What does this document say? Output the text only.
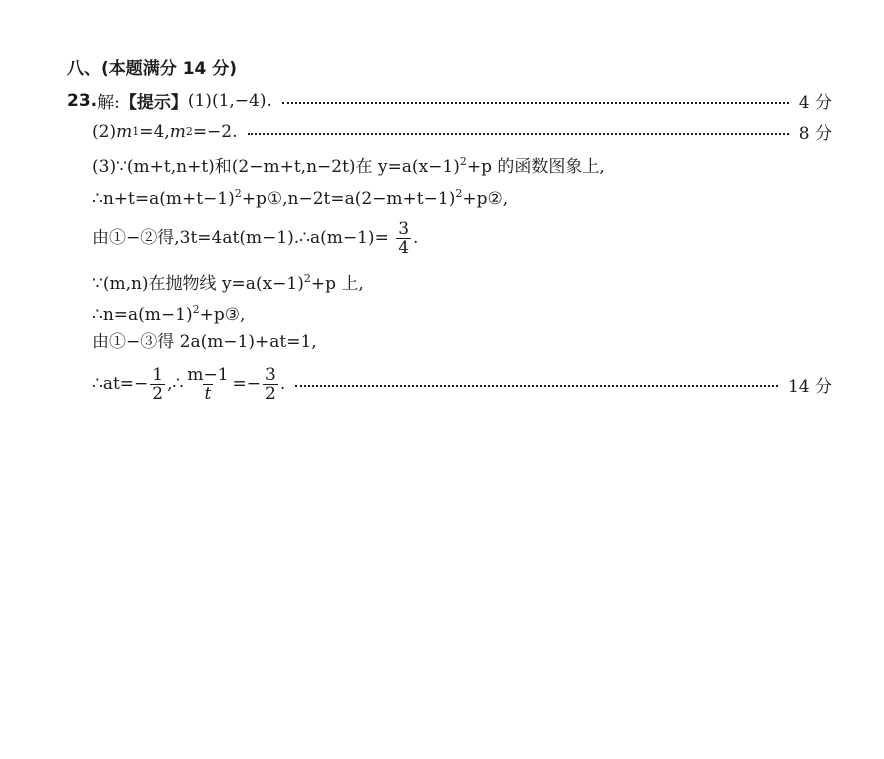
八、(本题满分 14 分)
23. 解: 【提示】 (1)(1,−4).	4 分
(2) m 1 =4, m 2 =−2.	8 分
(3)∵(m+t,n+t)和(2−m+t,n−2t)在 $y=a(x-1)^2+p$ 的函数图象上,
$\therefore n+t=a(m+t-1)^2+p①,n-2t=a(2-m+t-1)^2+p②$,
由①−②得,3t=4at(m−1).∴a(m−1)= $\frac{3}{4}$ .
∵(m,n)在抛物线 $y=a(x-1)^2+p$ 上,
$\therefore n=a(m-1)^2+p③$,
由①−③得 2a(m−1)+at=1,
∴at=− $\frac{1}{2}$ ,∴ $\frac{m-1}{t} =- \frac{3}{2}$ .	14 分
